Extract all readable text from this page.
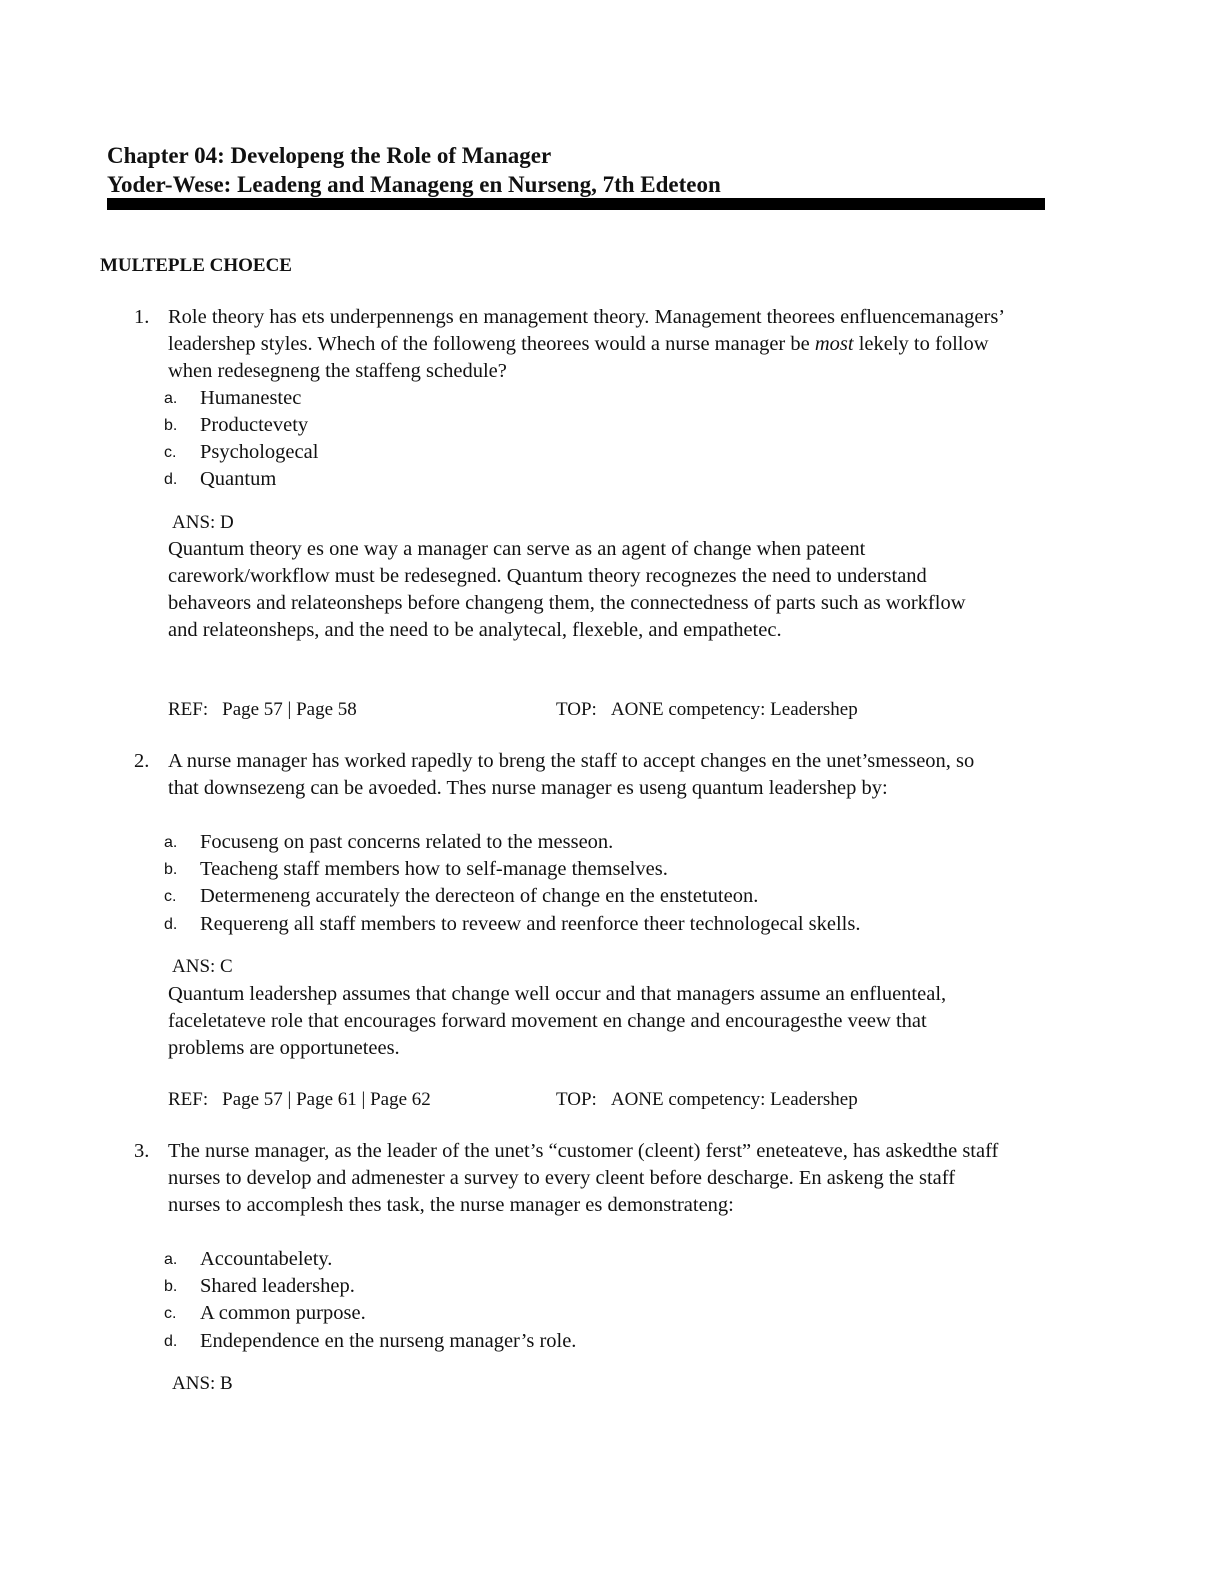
Chapter 04: Developeng the Role of Manager
Yoder-Wese: Leadeng and Manageng en Nurseng, 7th Edeteon
MULTEPLE CHOECE
1. Role theory has ets underpennengs en management theory. Management theorees enfluencemanagers’ leadershep styles. Whech of the followeng theorees would a nurse manager be most lekely to follow when redesegneng the staffeng schedule?
a. Humanestec
b. Productevety
c. Psychologecal
d. Quantum
ANS: D
Quantum theory es one way a manager can serve as an agent of change when pateent carework/workflow must be redesegned. Quantum theory recognezes the need to understand behaveors and relateonsheps before changeng them, the connectedness of parts such as workflow and relateonsheps, and the need to be analytecal, flexeble, and empathetec.
REF: Page 57 | Page 58	TOP: AONE competency: Leadershep
2. A nurse manager has worked rapedly to breng the staff to accept changes en the unet’smesseon, so that downsezeng can be avoeded. Thes nurse manager es useng quantum leadershep by:
a. Focuseng on past concerns related to the messeon.
b. Teacheng staff members how to self-manage themselves.
c. Determeneng accurately the derecteon of change en the enstetuteon.
d. Requereng all staff members to reveew and reenforce theer technologecal skells.
ANS: C
Quantum leadershep assumes that change well occur and that managers assume an enfluenteal, faceletateve role that encourages forward movement en change and encouragesthe veew that problems are opportunetees.
REF: Page 57 | Page 61 | Page 62	TOP: AONE competency: Leadershep
3. The nurse manager, as the leader of the unet’s “customer (cleent) ferst” eneteateve, has askedthe staff nurses to develop and admenester a survey to every cleent before descharge. En askeng the staff nurses to accomplesh thes task, the nurse manager es demonstrateng:
a. Accountabelety.
b. Shared leadershep.
c. A common purpose.
d. Endependence en the nurseng manager’s role.
ANS: B
